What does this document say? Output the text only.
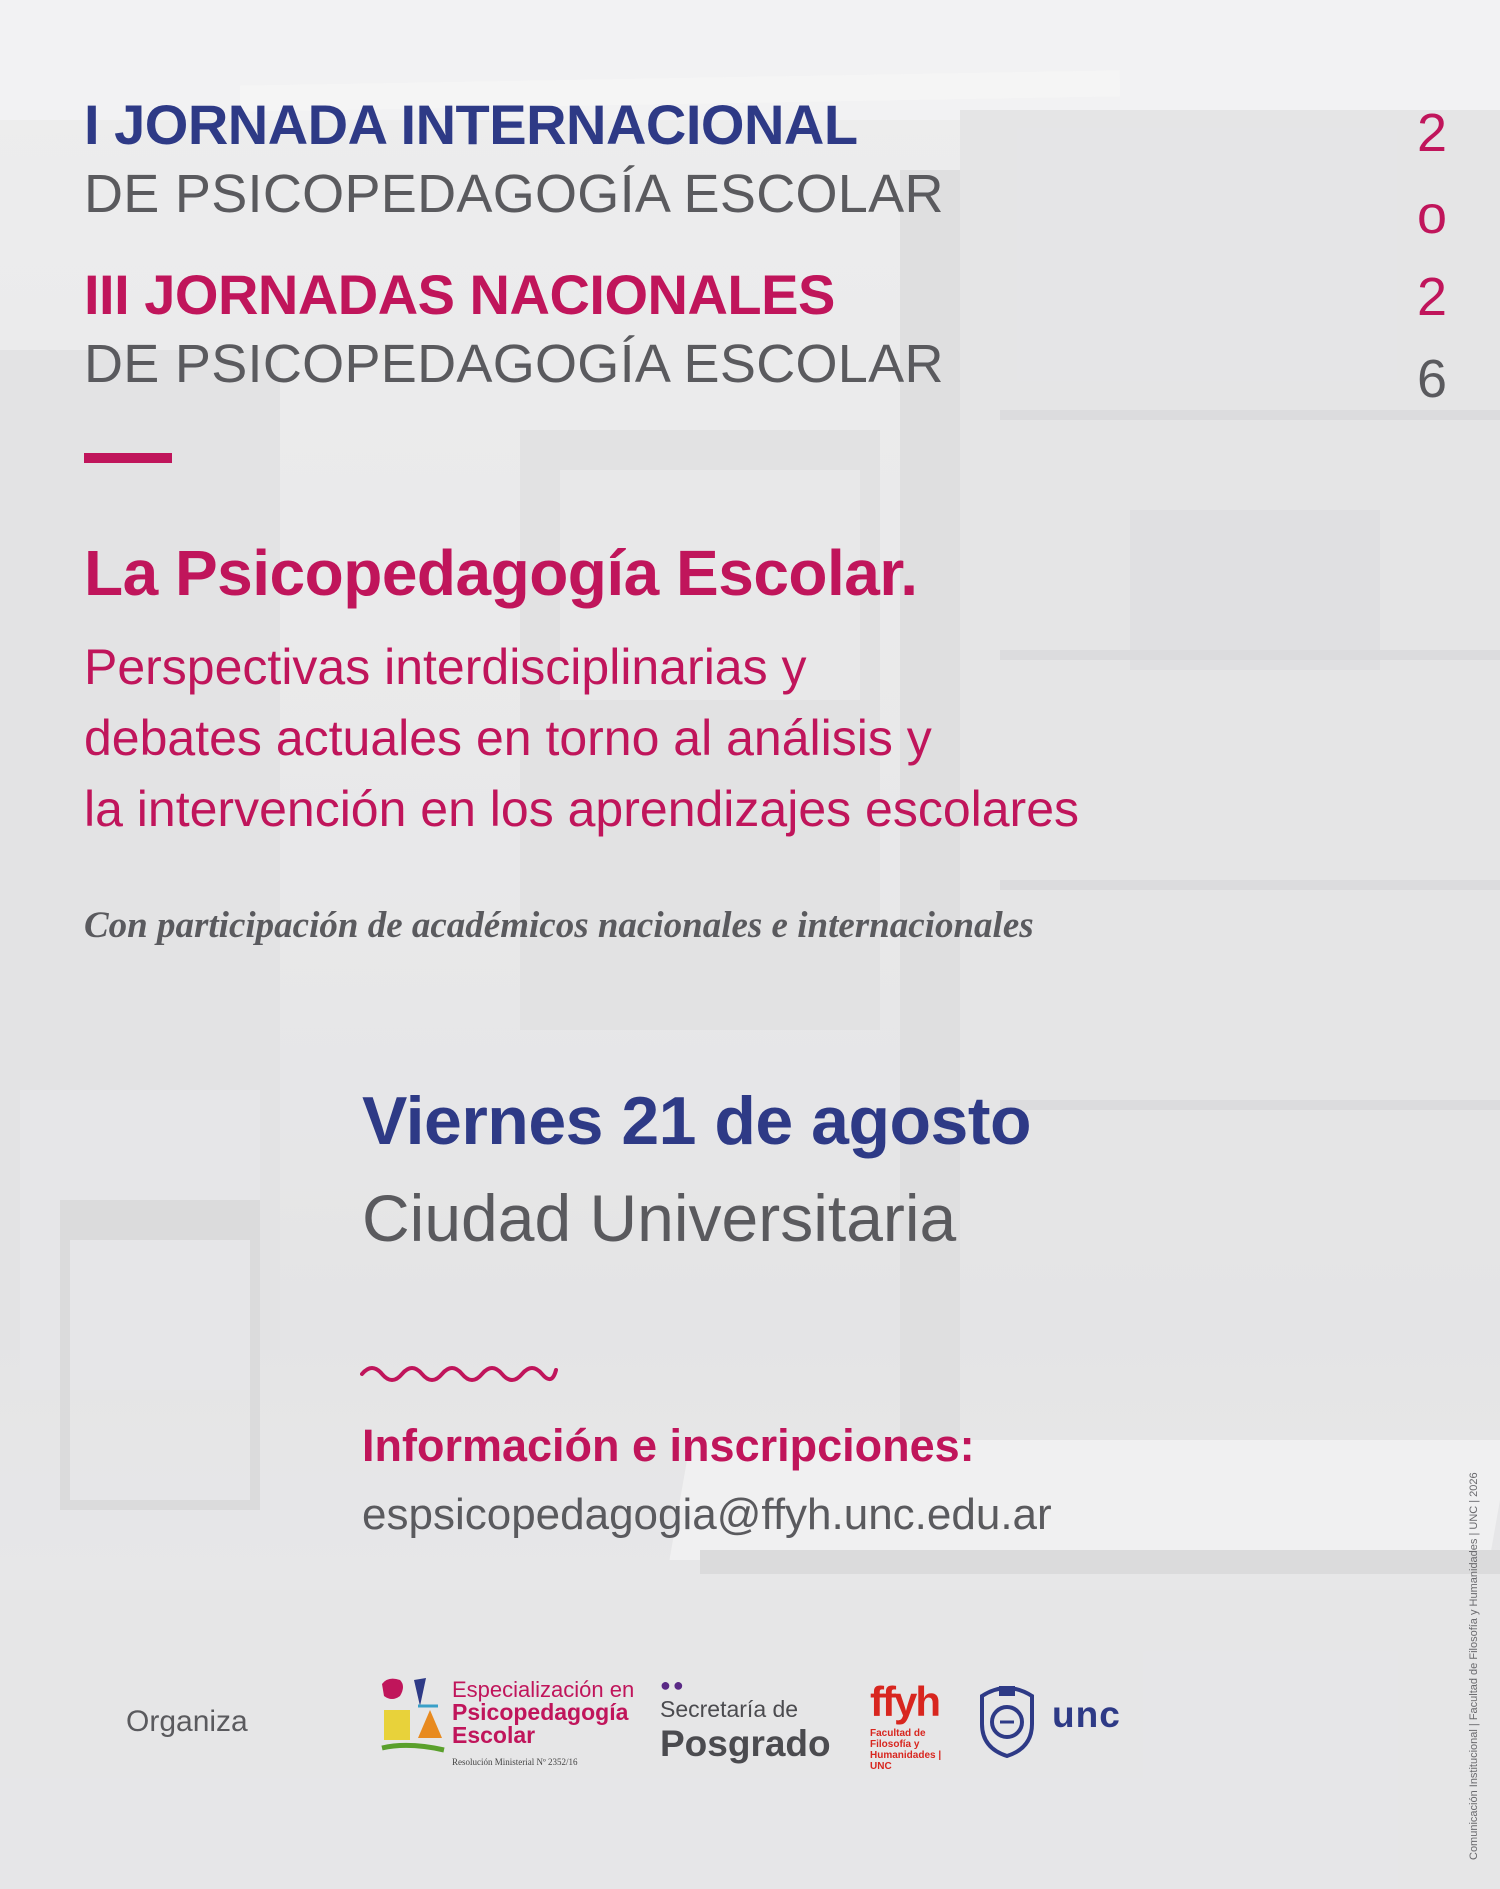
I JORNADA INTERNACIONAL
DE PSICOPEDAGOGÍA ESCOLAR
III JORNADAS NACIONALES
DE PSICOPEDAGOGÍA ESCOLAR
2
o
2
6
La Psicopedagogía Escolar.
Perspectivas interdisciplinarias y
debates actuales en torno al análisis y
la intervención en los aprendizajes escolares
Con participación de académicos nacionales e internacionales
Viernes 21 de agosto
Ciudad Universitaria
Información e inscripciones:
espsicopedagogia@ffyh.unc.edu.ar
Organiza
Especialización en
Psicopedagogía
Escolar
Resolución Ministerial Nº 2352/16
●●
Secretaría de
Posgrado
ffyh
Facultad de Filosofía y Humanidades | UNC
unc	Comunicación Institucional | Facultad de Filosofía y Humanidades | UNC | 2026
